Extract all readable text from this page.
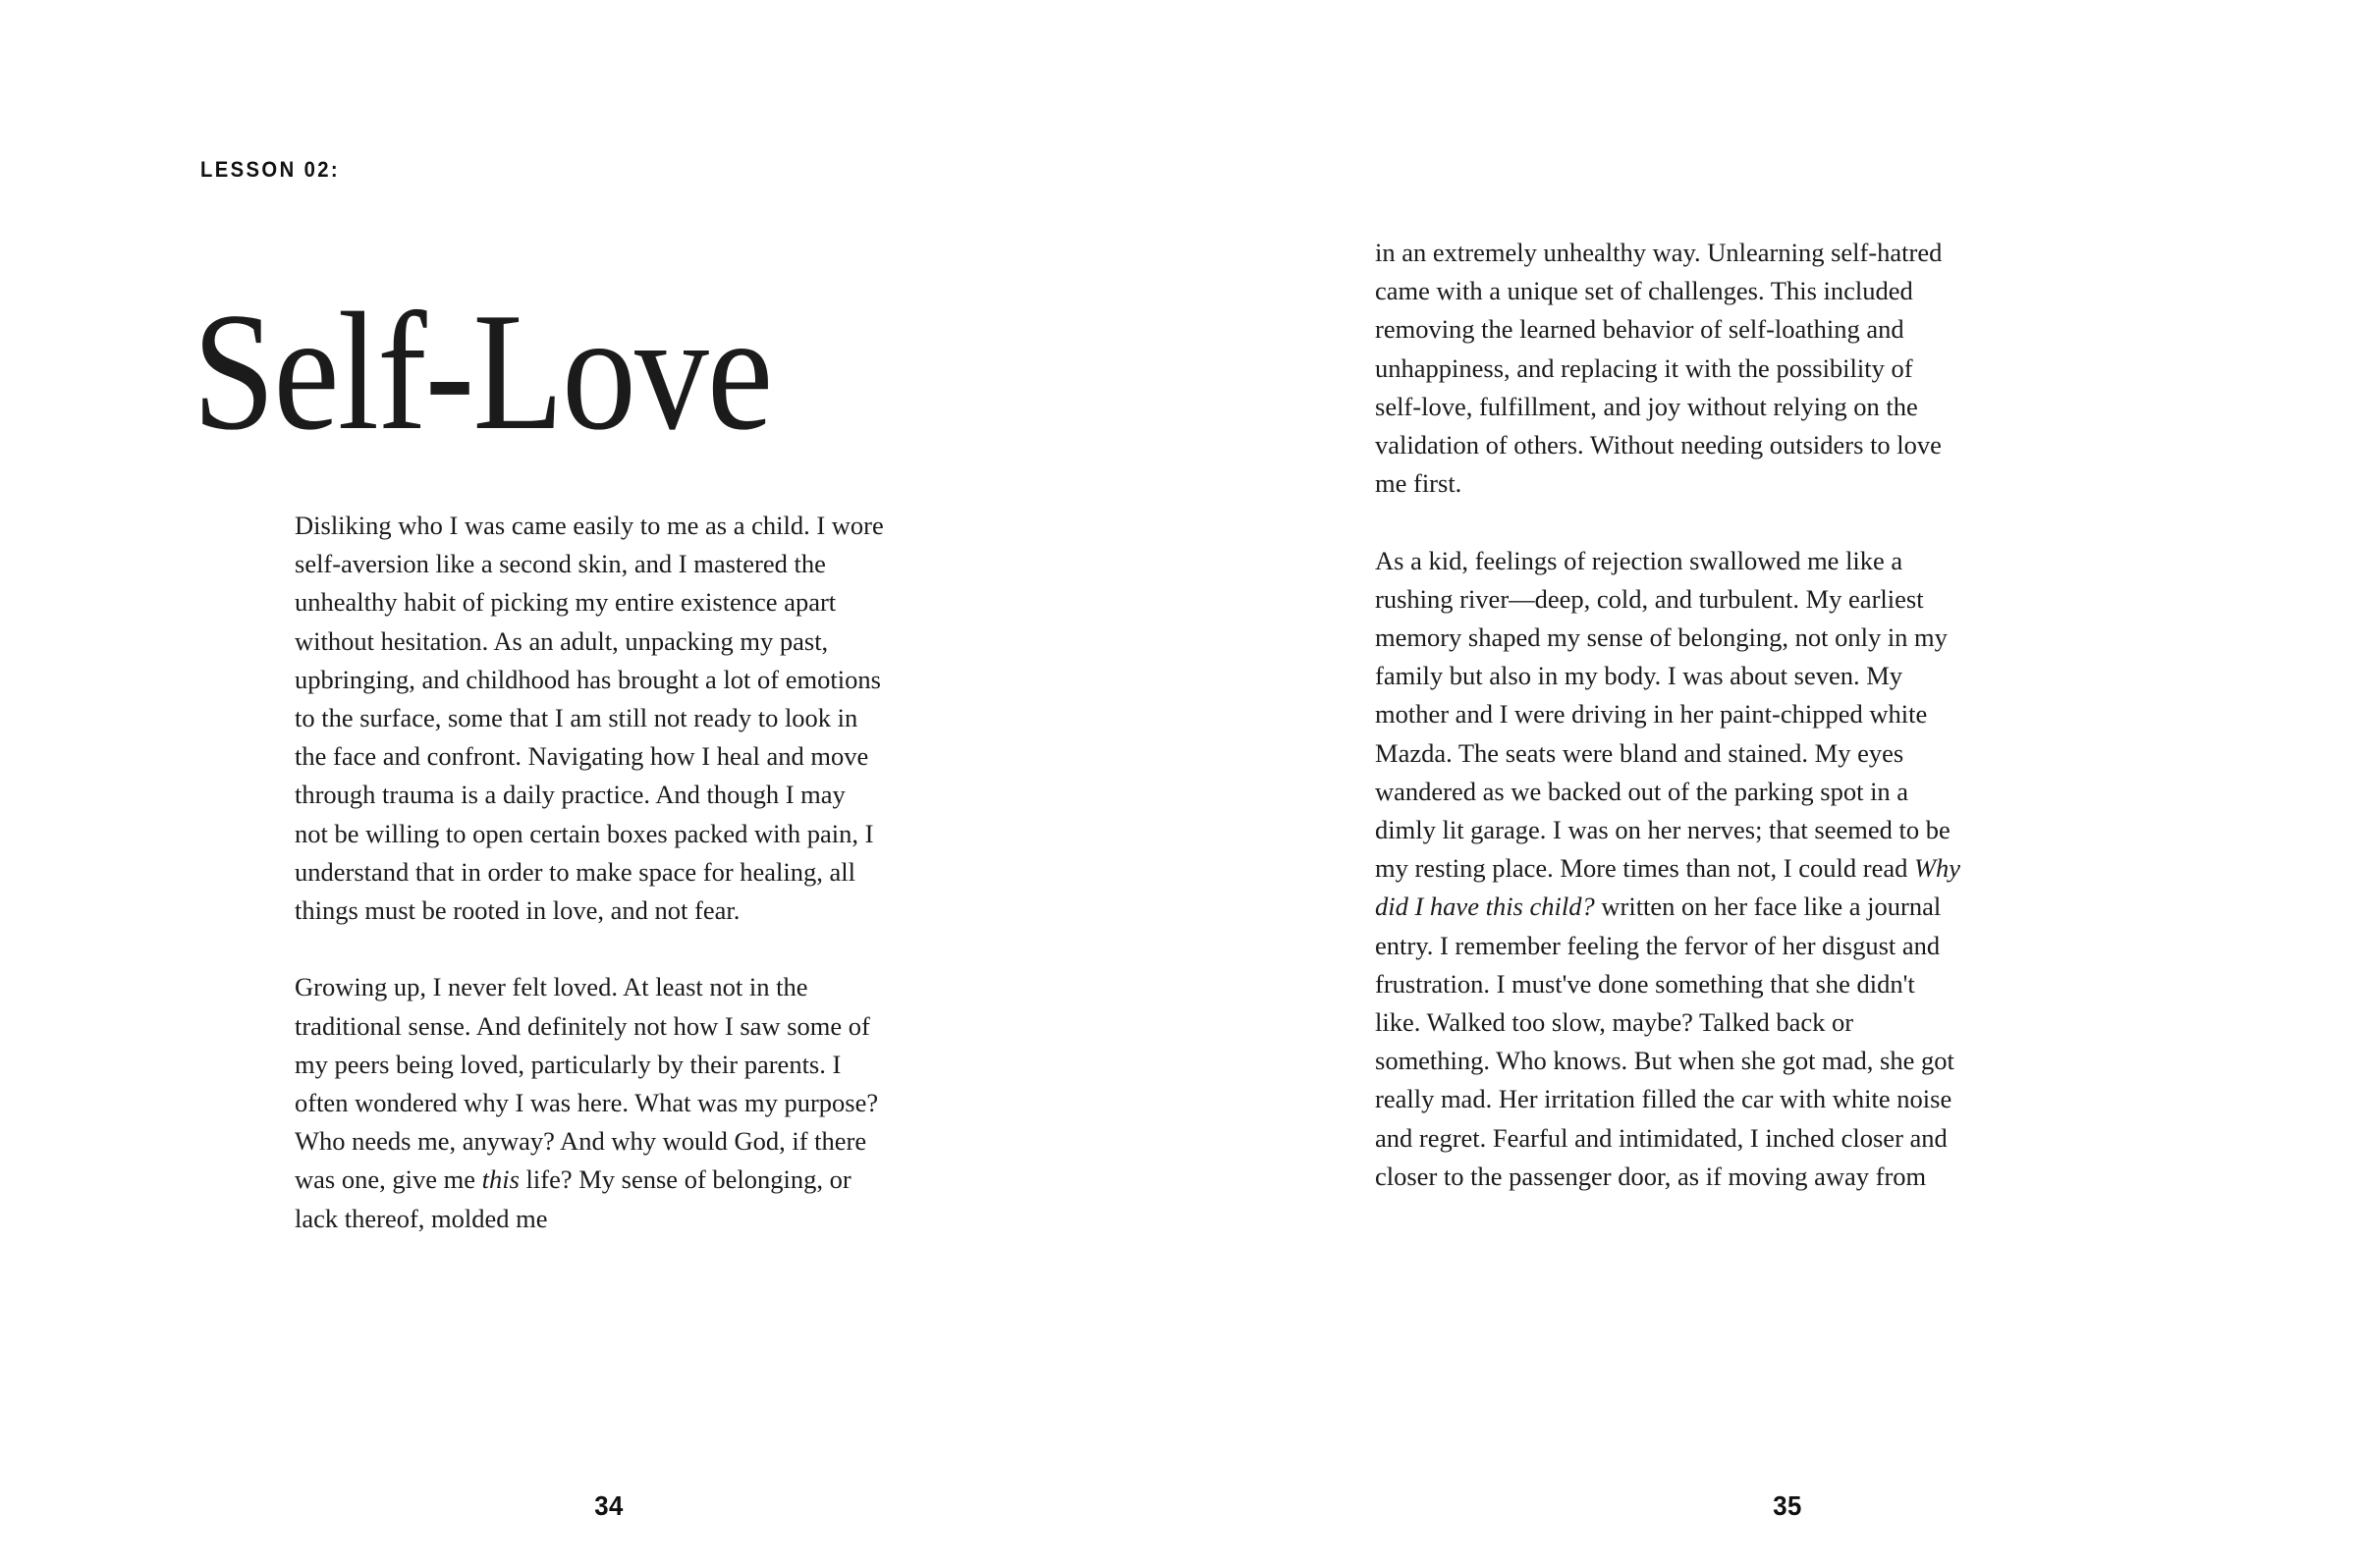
LESSON 02:
Self-Love

Disliking who I was came easily to me as a child. I wore self-aversion like a second skin, and I mastered the unhealthy habit of picking my entire existence apart without hesitation. As an adult, unpacking my past, upbringing, and childhood has brought a lot of emotions to the surface, some that I am still not ready to look in the face and confront. Navigating how I heal and move through trauma is a daily practice. And though I may not be willing to open certain boxes packed with pain, I understand that in order to make space for healing, all things must be rooted in love, and not fear.

Growing up, I never felt loved. At least not in the traditional sense. And definitely not how I saw some of my peers being loved, particularly by their parents. I often wondered why I was here. What was my purpose? Who needs me, anyway? And why would God, if there was one, give me this life? My sense of belonging, or lack thereof, molded me

34

in an extremely unhealthy way. Unlearning self-hatred came with a unique set of challenges. This included removing the learned behavior of self-loathing and unhappiness, and replacing it with the possibility of self-love, fulfillment, and joy without relying on the validation of others. Without needing outsiders to love me first.

As a kid, feelings of rejection swallowed me like a rushing river—deep, cold, and turbulent. My earliest memory shaped my sense of belonging, not only in my family but also in my body. I was about seven. My mother and I were driving in her paint-chipped white Mazda. The seats were bland and stained. My eyes wandered as we backed out of the parking spot in a dimly lit garage. I was on her nerves; that seemed to be my resting place. More times than not, I could read Why did I have this child? written on her face like a journal entry. I remember feeling the fervor of her disgust and frustration. I must've done something that she didn't like. Walked too slow, maybe? Talked back or something. Who knows. But when she got mad, she got really mad. Her irritation filled the car with white noise and regret. Fearful and intimidated, I inched closer and closer to the passenger door, as if moving away from

35
